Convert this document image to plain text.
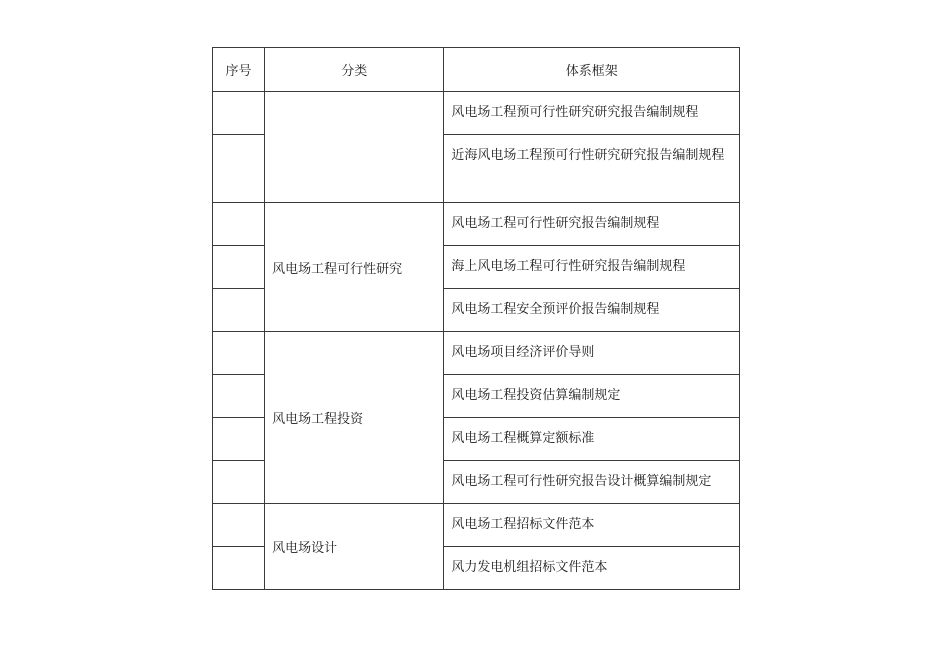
序号	分类	体系框架
		风电场工程预可行性研究研究报告编制规程
		近海风电场工程预可行性研究研究报告编制规程
	风电场工程可行性研究	风电场工程可行性研究报告编制规程
		海上风电场工程可行性研究报告编制规程
		风电场工程安全预评价报告编制规程
	风电场工程投资	风电场项目经济评价导则
		风电场工程投资估算编制规定
		风电场工程概算定额标准
		风电场工程可行性研究报告设计概算编制规定
	风电场设计	风电场工程招标文件范本
		风力发电机组招标文件范本
